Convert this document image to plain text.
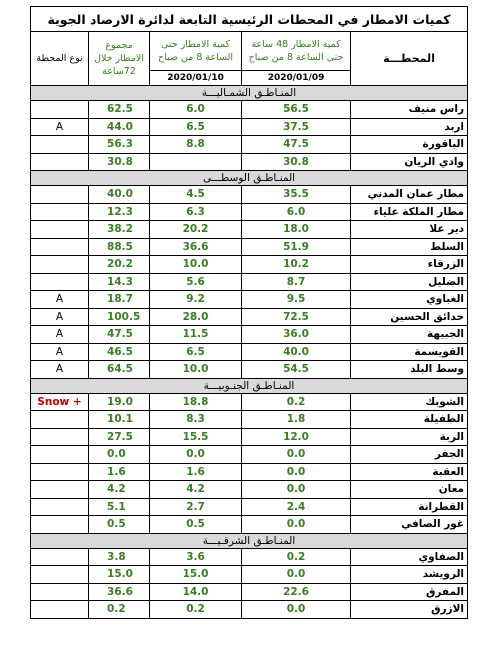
كميات الامطار في المحطات الرئيسية التابعة لدائرة الارصاد الجوية				
المحطـــة	كمية الامطار 48 ساعة حتى الساعة 8 من صباح	كمية الامطار حتى الساعة 8 من صباح	مجموع الامطار خلال 72ساعة	نوع المحطة
	2020/01/09	2020/01/10		
المنـاطـق الشمـاليـــة				
راس منيف	56.5	6.0	62.5	
اربد	37.5	6.5	44.0	A
الباقورة	47.5	8.8	56.3	
وادي الريان	30.8		30.8	
المنـاطـق الوسطـــى				
مطار عمان المدني	35.5	4.5	40.0	
مطار الملكة علياء	6.0	6.3	12.3	
دير علا	18.0	20.2	38.2	
السلط	51.9	36.6	88.5	
الزرقاء	10.2	10.0	20.2	
الضليل	8.7	5.6	14.3	
الغباوي	9.5	9.2	18.7	A
حدائق الحسين	72.5	28.0	100.5	A
الجبيهة	36.0	11.5	47.5	A
القويسمة	40.0	6.5	46.5	A
وسط البلد	54.5	10.0	64.5	A
المنـاطـق الجنـوبيـــة				
الشوبك	0.2	18.8	19.0	+ Snow
الطفيلة	1.8	8.3	10.1	
الربة	12.0	15.5	27.5	
الجفر	0.0	0.0	0.0	
العقبة	0.0	1.6	1.6	
معان	0.0	4.2	4.2	
القطرانة	2.4	2.7	5.1	
غور الصافي	0.0	0.5	0.5	
المنـاطـق الشرقـيـــة				
الصفاوي	0.2	3.6	3.8	
الرويشد	0.0	15.0	15.0	
المفرق	22.6	14.0	36.6	
الازرق	0.0	0.2	0.2	
